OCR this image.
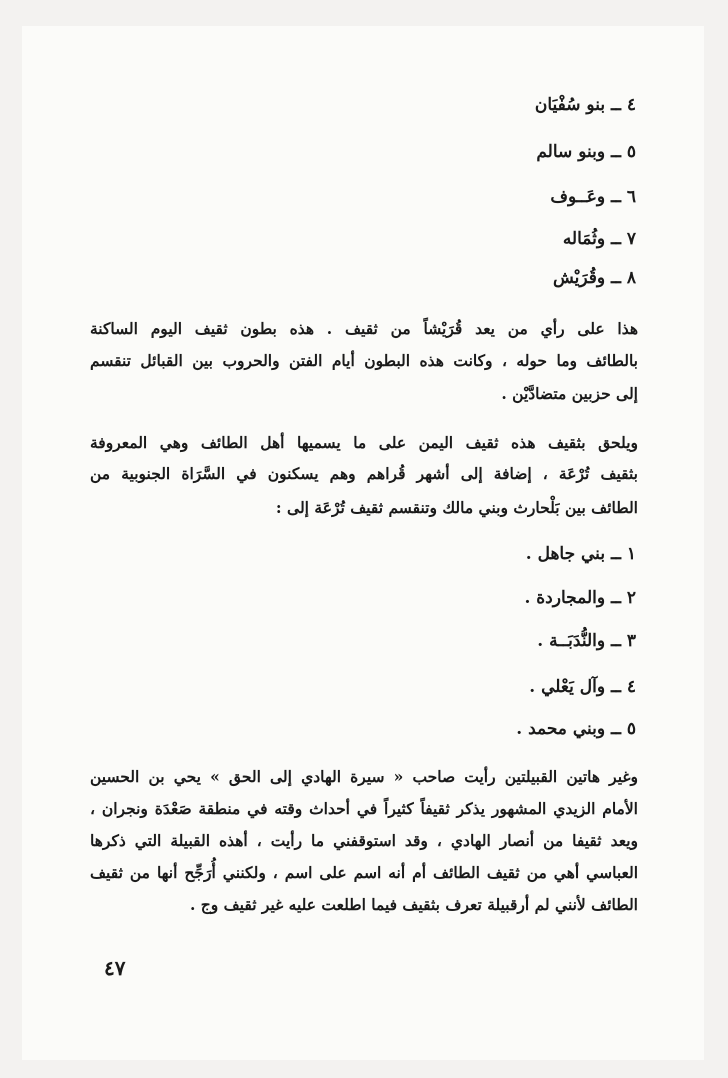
٤ ــ بنو سُفْيَان
٥ ــ وبنو سالم
٦ ــ وعَــوف
٧ ــ وثُمَاله
٨ ــ وقُرَيْش
هذا على رأي من يعد قُرَيْشاً من ثقيف . هذه بطون ثقيف اليوم الساكنة
بالطائف وما حوله ، وكانت هذه البطون أيام الفتن والحروب بين القبائل تنقسم
إلى حزبين متضادَّيْن .
ويلحق بثقيف هذه ثقيف اليمن على ما يسميها أهل الطائف وهي المعروفة
بثقيف تُرْعَة ، إضافة إلى أشهر قُراهم وهم يسكنون في السَّرَاة الجنوبية من
الطائف بين بَلْحارث وبني مالك وتنقسم ثقيف تُرْعَة إلى :
١ ــ بني جاهل .
٢ ــ والمجاردة .
٣ ــ والنُّدَبَــة .
٤ ــ وآل يَعْلي .
٥ ــ وبني محمد .
وغير هاتين القبيلتين رأيت صاحب « سيرة الهادي إلى الحق » يحي بن الحسين
الأمام الزيدي المشهور يذكر ثقيفاً كثيراً في أحداث وقته في منطقة صَعْدَة ونجران ،
ويعد ثقيفا من أنصار الهادي ، وقد استوقفني ما رأيت ، أهذه القبيلة التي ذكرها
العباسي أهي من ثقيف الطائف أم أنه اسم على اسم ، ولكنني أُرَجِّح أنها من ثقيف
الطائف لأنني لم أرقبيلة تعرف بثقيف فيما اطلعت عليه غير ثقيف وج .
٤٧
